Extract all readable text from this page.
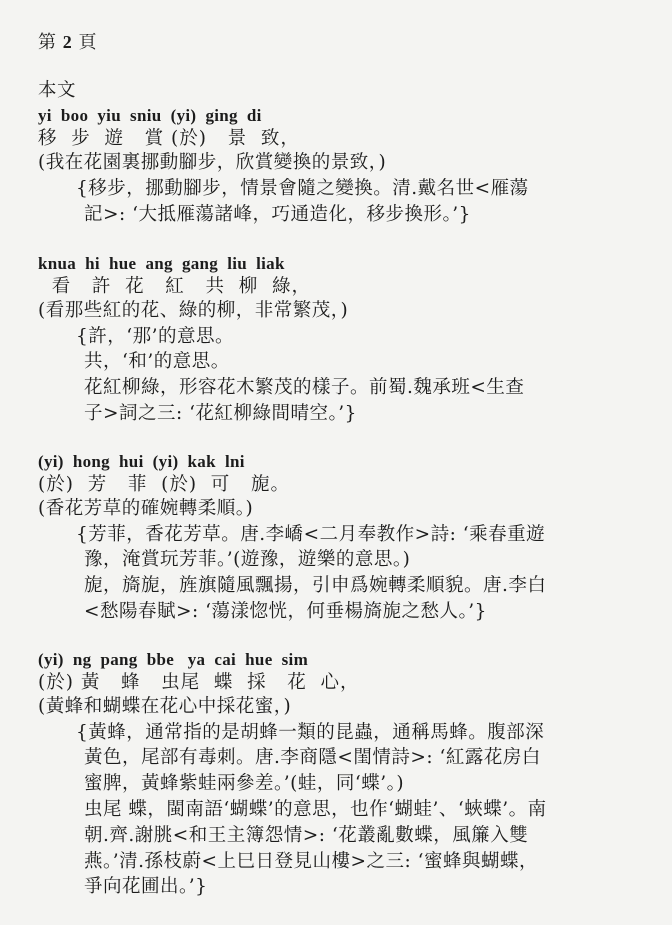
第 2 頁
本文
yi  boo  yiu  sniu  (yi)  ging  di
移  步  遊   賞 (於)   景  致，
(我在花園裏挪動腳步，欣賞變換的景致，)
{移步，挪動腳步，情景會隨之變換。清.戴名世<雁蕩
記>: ‘大抵雁蕩諸峰，巧通造化，移步換形。’}
knua  hi  hue  ang  gang  liu  liak
看   許  花   紅   共  柳  綠，
(看那些紅的花、綠的柳，非常繁茂，)
{許，‘那’的意思。
共，‘和’的意思。
花紅柳綠，形容花木繁茂的樣子。前蜀.魏承班<生查
子>詞之三: ‘花紅柳綠間晴空。’}
(yi)  hong  hui  (yi)  kak  lni
(於)  芳   菲  (於)  可   旎。
(香花芳草的確婉轉柔順。)
{芳菲，香花芳草。唐.李嶠<二月奉教作>詩: ‘乘春重遊
豫，淹賞玩芳菲。’(遊豫，遊樂的意思。)
旎，旖旎，旌旗隨風飄揚，引申爲婉轉柔順貌。唐.李白
<愁陽春賦>: ‘蕩漾惚恍，何垂楊旖旎之愁人。’}
(yi)  ng  pang  bbe   ya  cai  hue  sim
(於) 黃   蜂   虫尾  蝶  採   花  心，
(黃蜂和蝴蝶在花心中採花蜜，)
{黃蜂，通常指的是胡蜂一類的昆蟲，通稱馬蜂。腹部深
黃色，尾部有毒刺。唐.李商隱<閨情詩>: ‘紅露花房白
蜜脾，黃蜂紫蛙兩參差。’(蛙，同‘蝶’。)
虫尾 蝶，閩南語‘蝴蝶’的意思，也作‘蝴蛙’、‘蛺蝶’。南
朝.齊.謝朓<和王主簿怨情>: ‘花叢亂數蝶，風簾入雙
燕。’清.孫枝蔚<上巳日登見山樓>之三: ‘蜜蜂與蝴蝶，
爭向花圃出。’}
